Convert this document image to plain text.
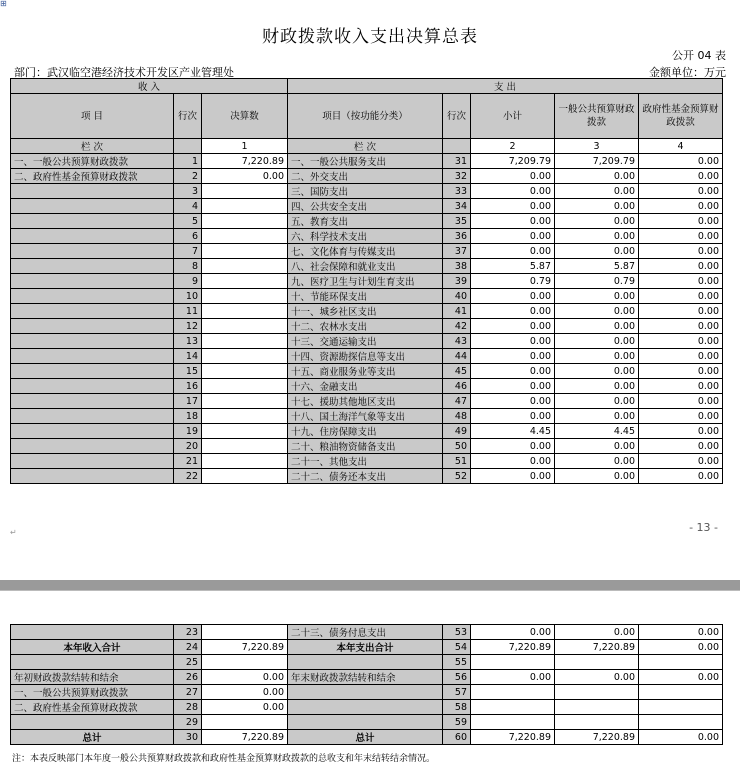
⊞
财政拨款收入支出决算总表
公开 04 表
部门：武汉临空港经济技术开发区产业管理处	金额单位：万元
收 入			支 出				
项 目	行次	决算数	项目（按功能分类）	行次	小计	一般公共预算财政拨款	政府性基金预算财政拨款
栏 次		1	栏 次		2	3	4
一、一般公共预算财政拨款	1	7,220.89	一、一般公共服务支出	31	7,209.79	7,209.79	0.00
二、政府性基金预算财政拨款	2	0.00	二、外交支出	32	0.00	0.00	0.00
	3		三、国防支出	33	0.00	0.00	0.00
	4		四、公共安全支出	34	0.00	0.00	0.00
	5		五、教育支出	35	0.00	0.00	0.00
	6		六、科学技术支出	36	0.00	0.00	0.00
	7		七、文化体育与传媒支出	37	0.00	0.00	0.00
	8		八、社会保障和就业支出	38	5.87	5.87	0.00
	9		九、医疗卫生与计划生育支出	39	0.79	0.79	0.00
	10		十、节能环保支出	40	0.00	0.00	0.00
	11		十一、城乡社区支出	41	0.00	0.00	0.00
	12		十二、农林水支出	42	0.00	0.00	0.00
	13		十三、交通运输支出	43	0.00	0.00	0.00
	14		十四、资源勘探信息等支出	44	0.00	0.00	0.00
	15		十五、商业服务业等支出	45	0.00	0.00	0.00
	16		十六、金融支出	46	0.00	0.00	0.00
	17		十七、援助其他地区支出	47	0.00	0.00	0.00
	18		十八、国土海洋气象等支出	48	0.00	0.00	0.00
	19		十九、住房保障支出	49	4.45	4.45	0.00
	20		二十、粮油物资储备支出	50	0.00	0.00	0.00
	21		二十一、其他支出	51	0.00	0.00	0.00
	22		二十二、债务还本支出	52	0.00	0.00	0.00
↵	- 13 -
	23		二十三、债务付息支出	53	0.00	0.00	0.00
本年收入合计	24	7,220.89	本年支出合计	54	7,220.89	7,220.89	0.00
	25			55			
年初财政拨款结转和结余	26	0.00	年末财政拨款结转和结余	56	0.00	0.00	0.00
一、一般公共预算财政拨款	27	0.00		57			
二、政府性基金预算财政拨款	28	0.00		58			
	29			59			
总计	30	7,220.89	总计	60	7,220.89	7,220.89	0.00
注：本表反映部门本年度一般公共预算财政拨款和政府性基金预算财政拨款的总收支和年末结转结余情况。
